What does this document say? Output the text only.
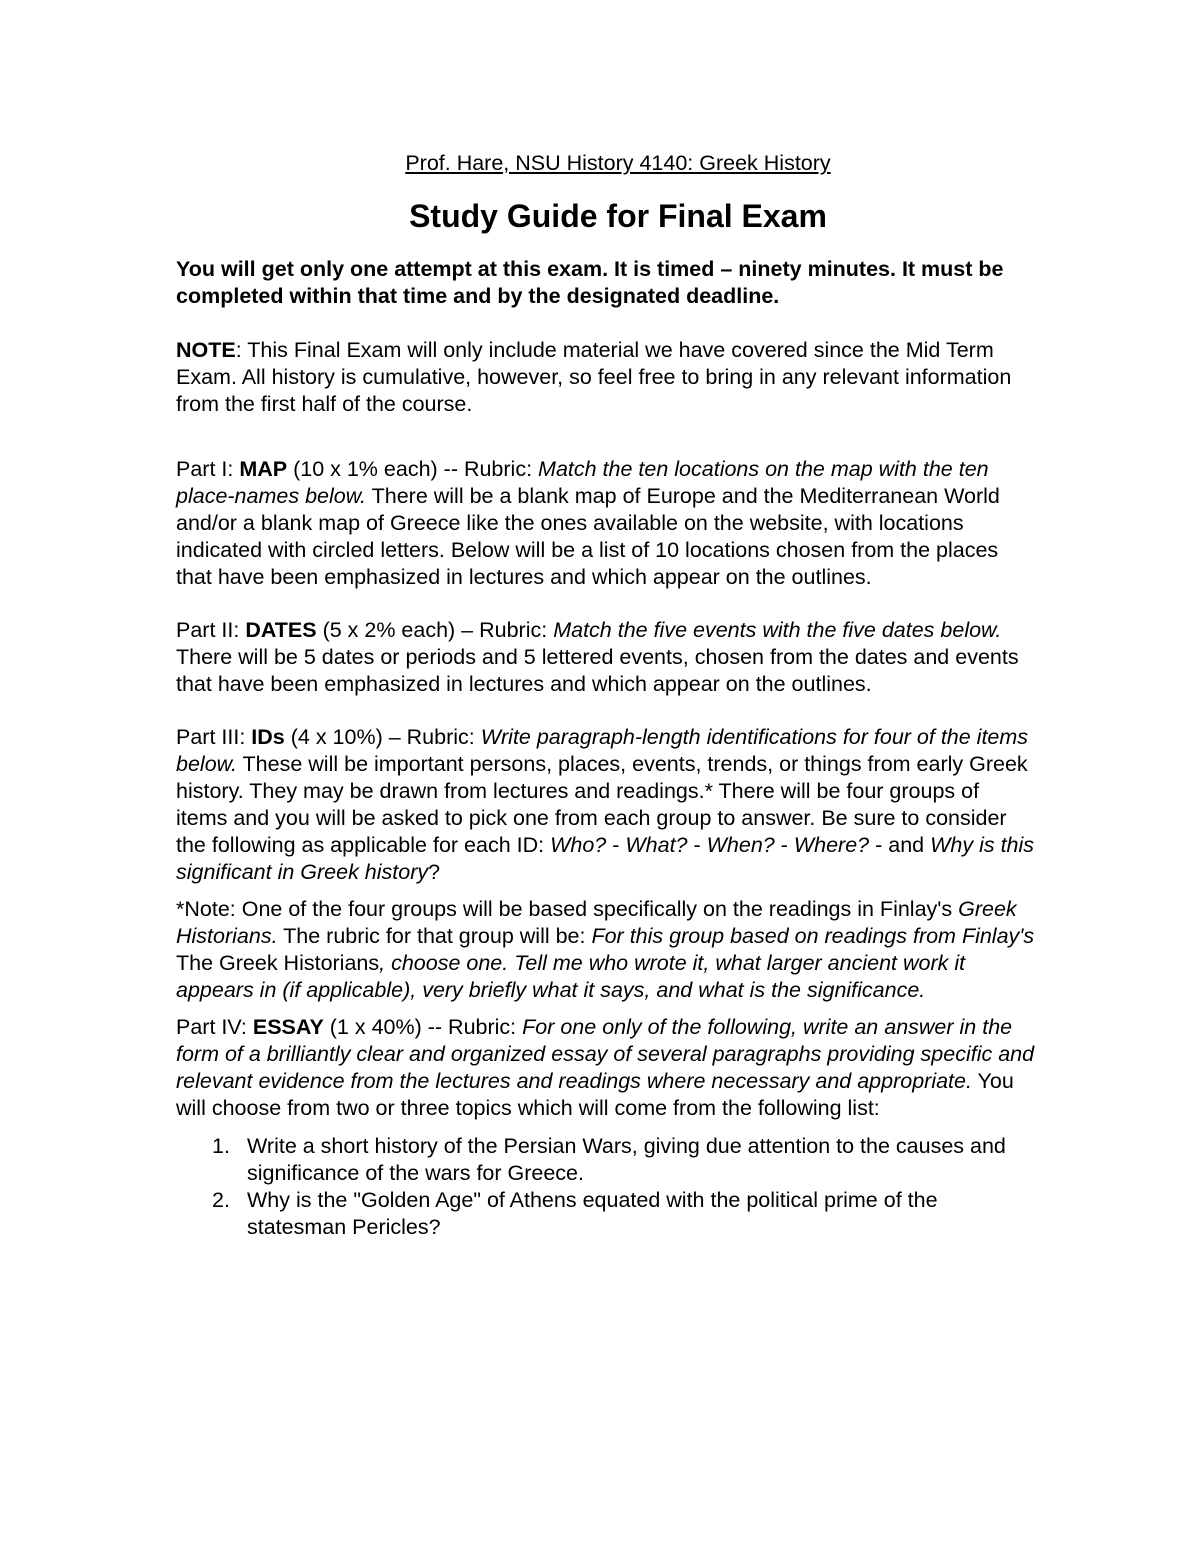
Prof. Hare, NSU History 4140: Greek History

Study Guide for Final Exam

You will get only one attempt at this exam. It is timed – ninety minutes. It must be completed within that time and by the designated deadline.

NOTE: This Final Exam will only include material we have covered since the Mid Term Exam. All history is cumulative, however, so feel free to bring in any relevant information from the first half of the course.

Part I: MAP (10 x 1% each) -- Rubric: Match the ten locations on the map with the ten place-names below. There will be a blank map of Europe and the Mediterranean World and/or a blank map of Greece like the ones available on the website, with locations indicated with circled letters. Below will be a list of 10 locations chosen from the places that have been emphasized in lectures and which appear on the outlines.

Part II: DATES (5 x 2% each) – Rubric: Match the five events with the five dates below. There will be 5 dates or periods and 5 lettered events, chosen from the dates and events that have been emphasized in lectures and which appear on the outlines.

Part III: IDs (4 x 10%) – Rubric: Write paragraph-length identifications for four of the items below. These will be important persons, places, events, trends, or things from early Greek history. They may be drawn from lectures and readings.* There will be four groups of items and you will be asked to pick one from each group to answer. Be sure to consider the following as applicable for each ID: Who? - What? - When? - Where? - and Why is this significant in Greek history?

*Note: One of the four groups will be based specifically on the readings in Finlay's Greek Historians. The rubric for that group will be: For this group based on readings from Finlay's The Greek Historians, choose one. Tell me who wrote it, what larger ancient work it appears in (if applicable), very briefly what it says, and what is the significance.

Part IV: ESSAY (1 x 40%) -- Rubric: For one only of the following, write an answer in the form of a brilliantly clear and organized essay of several paragraphs providing specific and relevant evidence from the lectures and readings where necessary and appropriate. You will choose from two or three topics which will come from the following list:

1. Write a short history of the Persian Wars, giving due attention to the causes and significance of the wars for Greece.
2. Why is the "Golden Age" of Athens equated with the political prime of the statesman Pericles?
